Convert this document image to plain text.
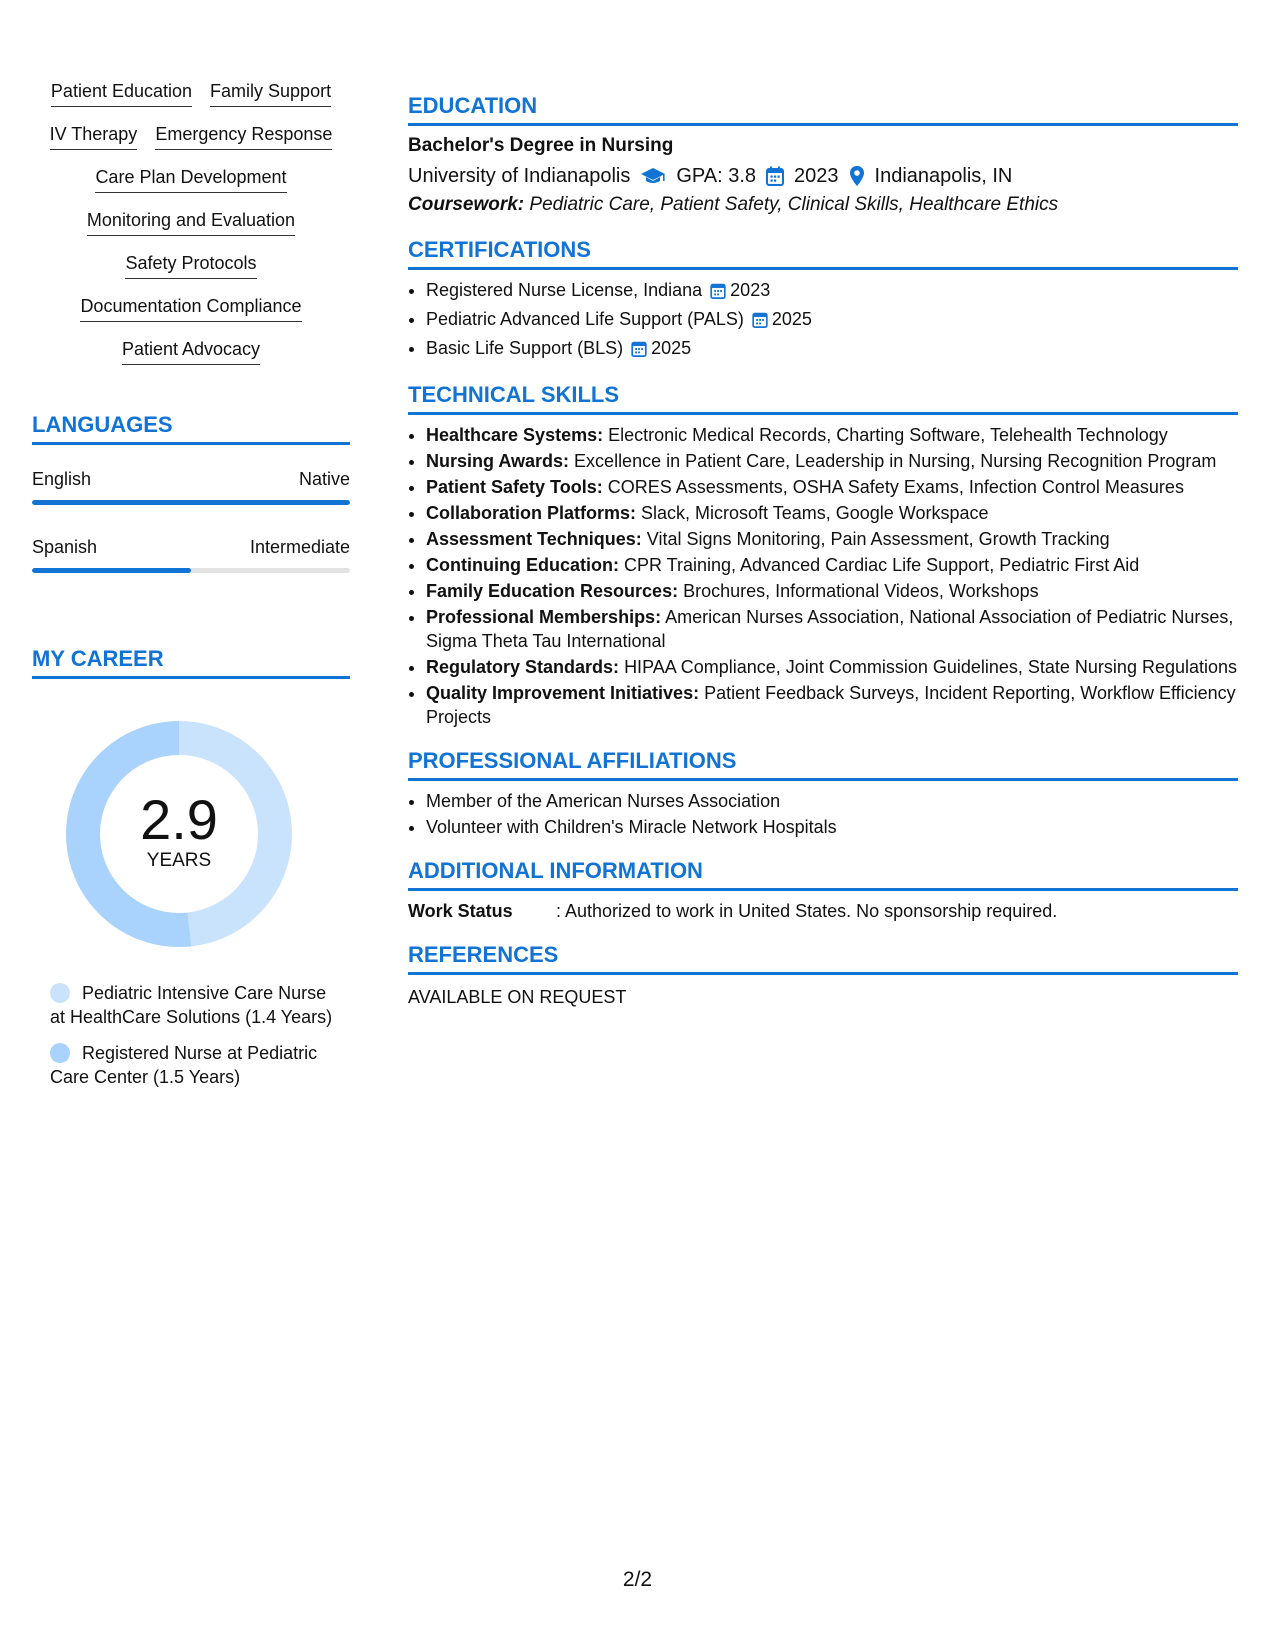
Patient Education Family Support
IV Therapy Emergency Response
Care Plan Development
Monitoring and Evaluation
Safety Protocols
Documentation Compliance
Patient Advocacy
LANGUAGES
English	Native
Spanish	Intermediate
MY CAREER
2.9
YEARS
Pediatric Intensive Care Nurse at HealthCare Solutions (1.4 Years)
Registered Nurse at Pediatric Care Center (1.5 Years)
EDUCATION
Bachelor's Degree in Nursing
University of Indianapolis GPA: 3.8 2023 Indianapolis, IN
Coursework: Pediatric Care, Patient Safety, Clinical Skills, Healthcare Ethics
CERTIFICATIONS
• Registered Nurse License, Indiana 2023
• Pediatric Advanced Life Support (PALS) 2025
• Basic Life Support (BLS) 2025
TECHNICAL SKILLS
• Healthcare Systems: Electronic Medical Records, Charting Software, Telehealth Technology
• Nursing Awards: Excellence in Patient Care, Leadership in Nursing, Nursing Recognition Program
• Patient Safety Tools: CORES Assessments, OSHA Safety Exams, Infection Control Measures
• Collaboration Platforms: Slack, Microsoft Teams, Google Workspace
• Assessment Techniques: Vital Signs Monitoring, Pain Assessment, Growth Tracking
• Continuing Education: CPR Training, Advanced Cardiac Life Support, Pediatric First Aid
• Family Education Resources: Brochures, Informational Videos, Workshops
• Professional Memberships: American Nurses Association, National Association of Pediatric Nurses, Sigma Theta Tau International
• Regulatory Standards: HIPAA Compliance, Joint Commission Guidelines, State Nursing Regulations
• Quality Improvement Initiatives: Patient Feedback Surveys, Incident Reporting, Workflow Efficiency Projects
PROFESSIONAL AFFILIATIONS
• Member of the American Nurses Association
• Volunteer with Children's Miracle Network Hospitals
ADDITIONAL INFORMATION
Work Status	: Authorized to work in United States. No sponsorship required.
REFERENCES
AVAILABLE ON REQUEST
2/2
